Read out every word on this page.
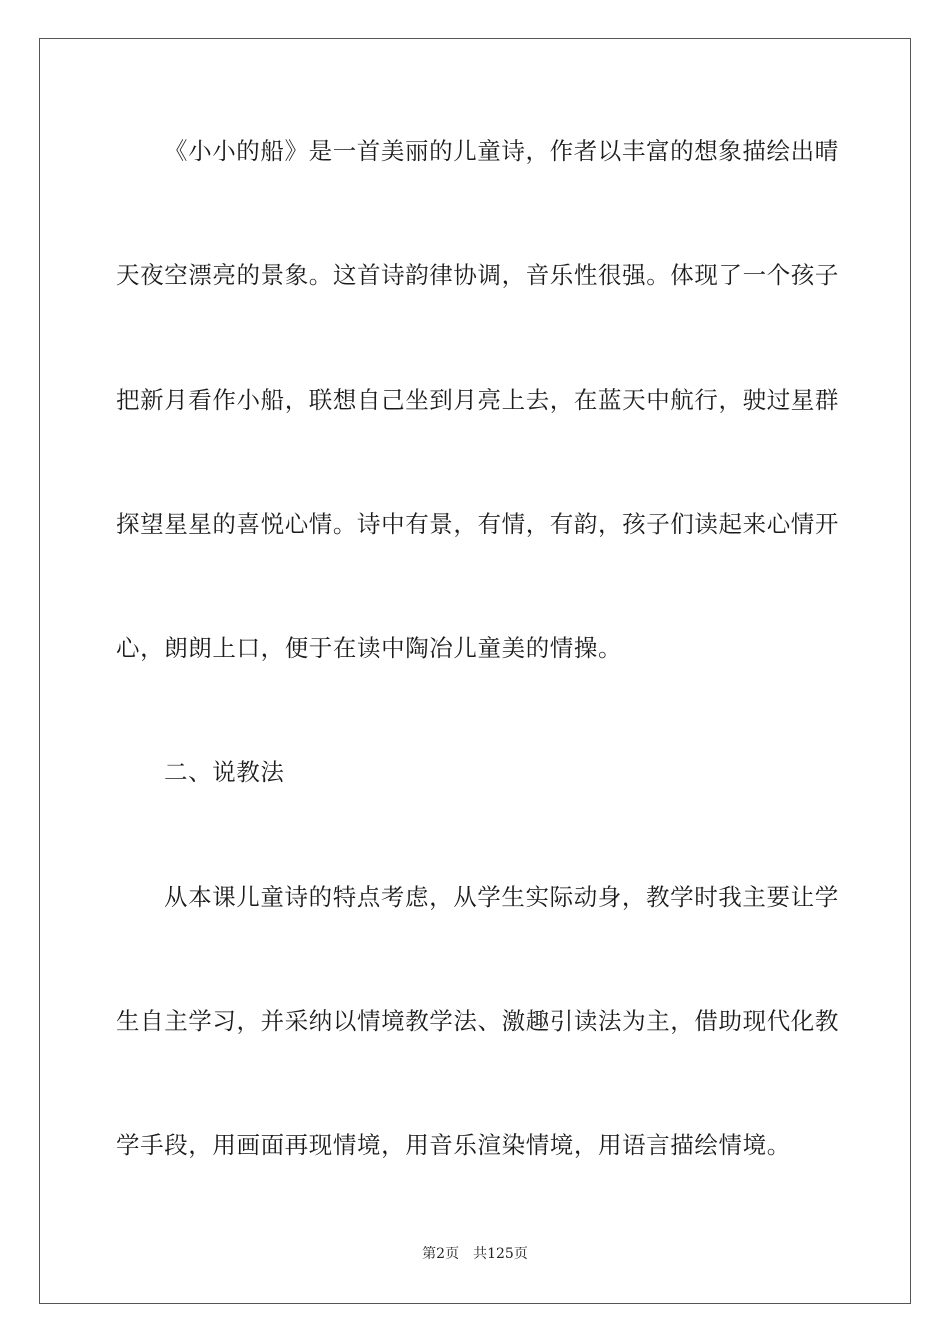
《小小的船》是一首美丽的儿童诗，作者以丰富的想象描绘出晴
天夜空漂亮的景象。这首诗韵律协调，音乐性很强。体现了一个孩子
把新月看作小船，联想自己坐到月亮上去，在蓝天中航行，驶过星群
探望星星的喜悦心情。诗中有景，有情，有韵，孩子们读起来心情开
心，朗朗上口，便于在读中陶冶儿童美的情操。
二、说教法
从本课儿童诗的特点考虑，从学生实际动身，教学时我主要让学
生自主学习，并采纳以情境教学法、激趣引读法为主，借助现代化教
学手段，用画面再现情境，用音乐渲染情境，用语言描绘情境。
第2页 共125页
